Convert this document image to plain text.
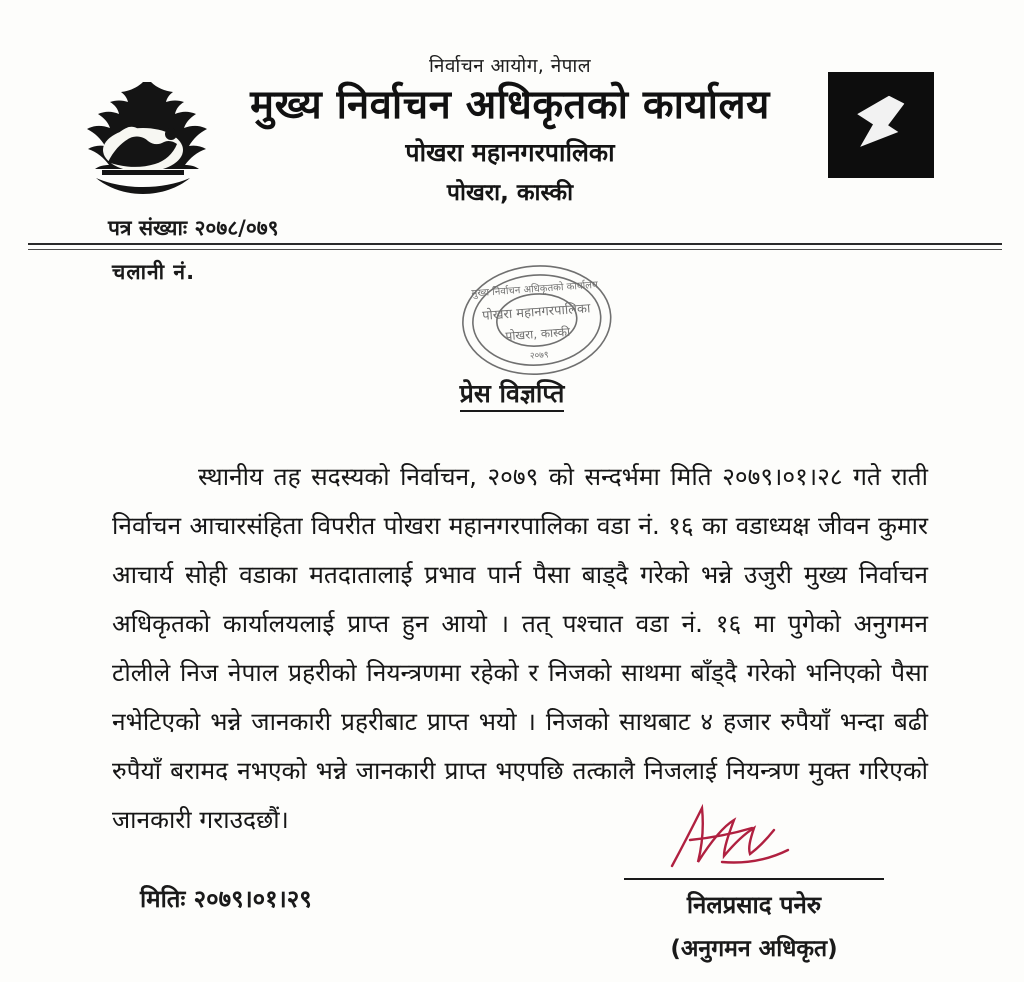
निर्वाचन आयोग, नेपाल
मुख्य निर्वाचन अधिकृतको कार्यालय
पोखरा महानगरपालिका
पोखरा, कास्की
पत्र संख्याः २०७८/०७९
चलानी नं.
मुख्य निर्वाचन अधिकृतको कार्यालय
पोखरा महानगरपालिका
पोखरा, कास्की
२०७९
प्रेस विज्ञप्ति
स्थानीय तह सदस्यको निर्वाचन, २०७९ को सन्दर्भमा मिति २०७९।०१।२८ गते राती निर्वाचन आचारसंहिता विपरीत पोखरा महानगरपालिका वडा नं. १६ का वडाध्यक्ष जीवन कुमार आचार्य सोही वडाका मतदातालाई प्रभाव पार्न पैसा बाड्दै गरेको भन्ने उजुरी मुख्य निर्वाचन अधिकृतको कार्यालयलाई प्राप्त हुन आयो । तत् पश्चात वडा नं. १६ मा पुगेको अनुगमन टोलीले निज नेपाल प्रहरीको नियन्त्रणमा रहेको र निजको साथमा बाँड्दै गरेको भनिएको पैसा नभेटिएको भन्ने जानकारी प्रहरीबाट प्राप्त भयो । निजको साथबाट ४ हजार रुपैयाँ भन्दा बढी रुपैयाँ बरामद नभएको भन्ने जानकारी प्राप्त भएपछि तत्कालै निजलाई नियन्त्रण मुक्त गरिएको जानकारी गराउदछौं।
मितिः २०७९।०१।२९	निलप्रसाद पनेरु
(अनुगमन अधिकृत)
